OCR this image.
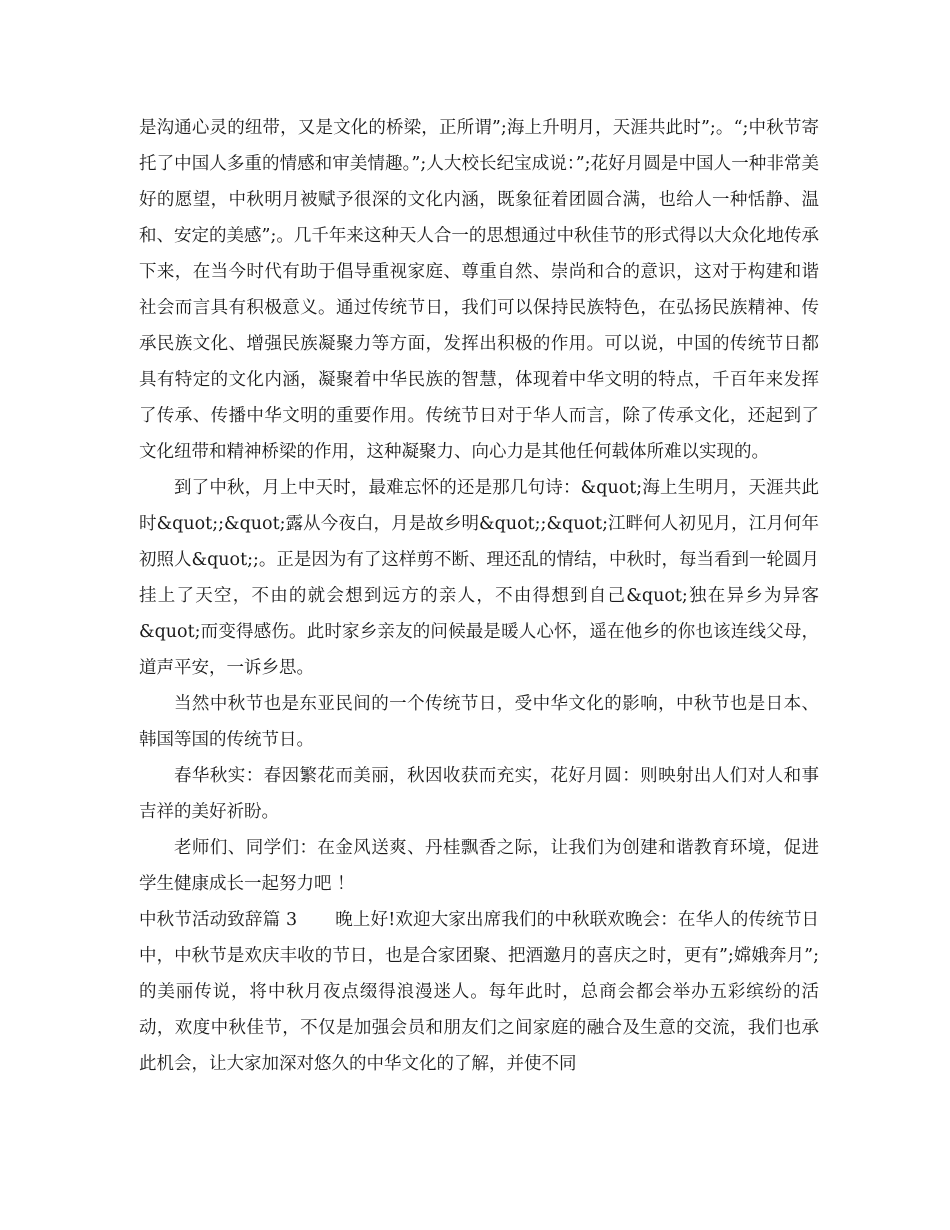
是沟通心灵的纽带，又是文化的桥梁，正所谓”;海上升明月，天涯共此时”;。“;中秋节寄托了中国人多重的情感和审美情趣。”;人大校长纪宝成说：”;花好月圆是中国人一种非常美好的愿望，中秋明月被赋予很深的文化内涵，既象征着团圆合满，也给人一种恬静、温和、安定的美感”;。几千年来这种天人合一的思想通过中秋佳节的形式得以大众化地传承下来，在当今时代有助于倡导重视家庭、尊重自然、崇尚和合的意识，这对于构建和谐社会而言具有积极意义。通过传统节日，我们可以保持民族特色，在弘扬民族精神、传承民族文化、增强民族凝聚力等方面，发挥出积极的作用。可以说，中国的传统节日都具有特定的文化内涵，凝聚着中华民族的智慧，体现着中华文明的特点，千百年来发挥了传承、传播中华文明的重要作用。传统节日对于华人而言，除了传承文化，还起到了文化纽带和精神桥梁的作用，这种凝聚力、向心力是其他任何载体所难以实现的。

到了中秋，月上中天时，最难忘怀的还是那几句诗：&quot;海上生明月，天涯共此时&quot;;&quot;露从今夜白，月是故乡明&quot;;&quot;江畔何人初见月，江月何年初照人&quot;;。正是因为有了这样剪不断、理还乱的情结，中秋时，每当看到一轮圆月挂上了天空，不由的就会想到远方的亲人，不由得想到自己&quot;独在异乡为异客&quot;而变得感伤。此时家乡亲友的问候最是暖人心怀，遥在他乡的你也该连线父母，道声平安，一诉乡思。

当然中秋节也是东亚民间的一个传统节日，受中华文化的影响，中秋节也是日本、韩国等国的传统节日。

春华秋实：春因繁花而美丽，秋因收获而充实，花好月圆：则映射出人们对人和事吉祥的美好祈盼。

老师们、同学们：在金风送爽、丹桂飘香之际，让我们为创建和谐教育环境，促进学生健康成长一起努力吧 ！

中秋节活动致辞篇 3 晚上好!欢迎大家出席我们的中秋联欢晚会：在华人的传统节日中，中秋节是欢庆丰收的节日，也是合家团聚、把酒邀月的喜庆之时，更有”;嫦娥奔月”;的美丽传说，将中秋月夜点缀得浪漫迷人。每年此时，总商会都会举办五彩缤纷的活动，欢度中秋佳节，不仅是加强会员和朋友们之间家庭的融合及生意的交流，我们也承此机会，让大家加深对悠久的中华文化的了解，并使不同
